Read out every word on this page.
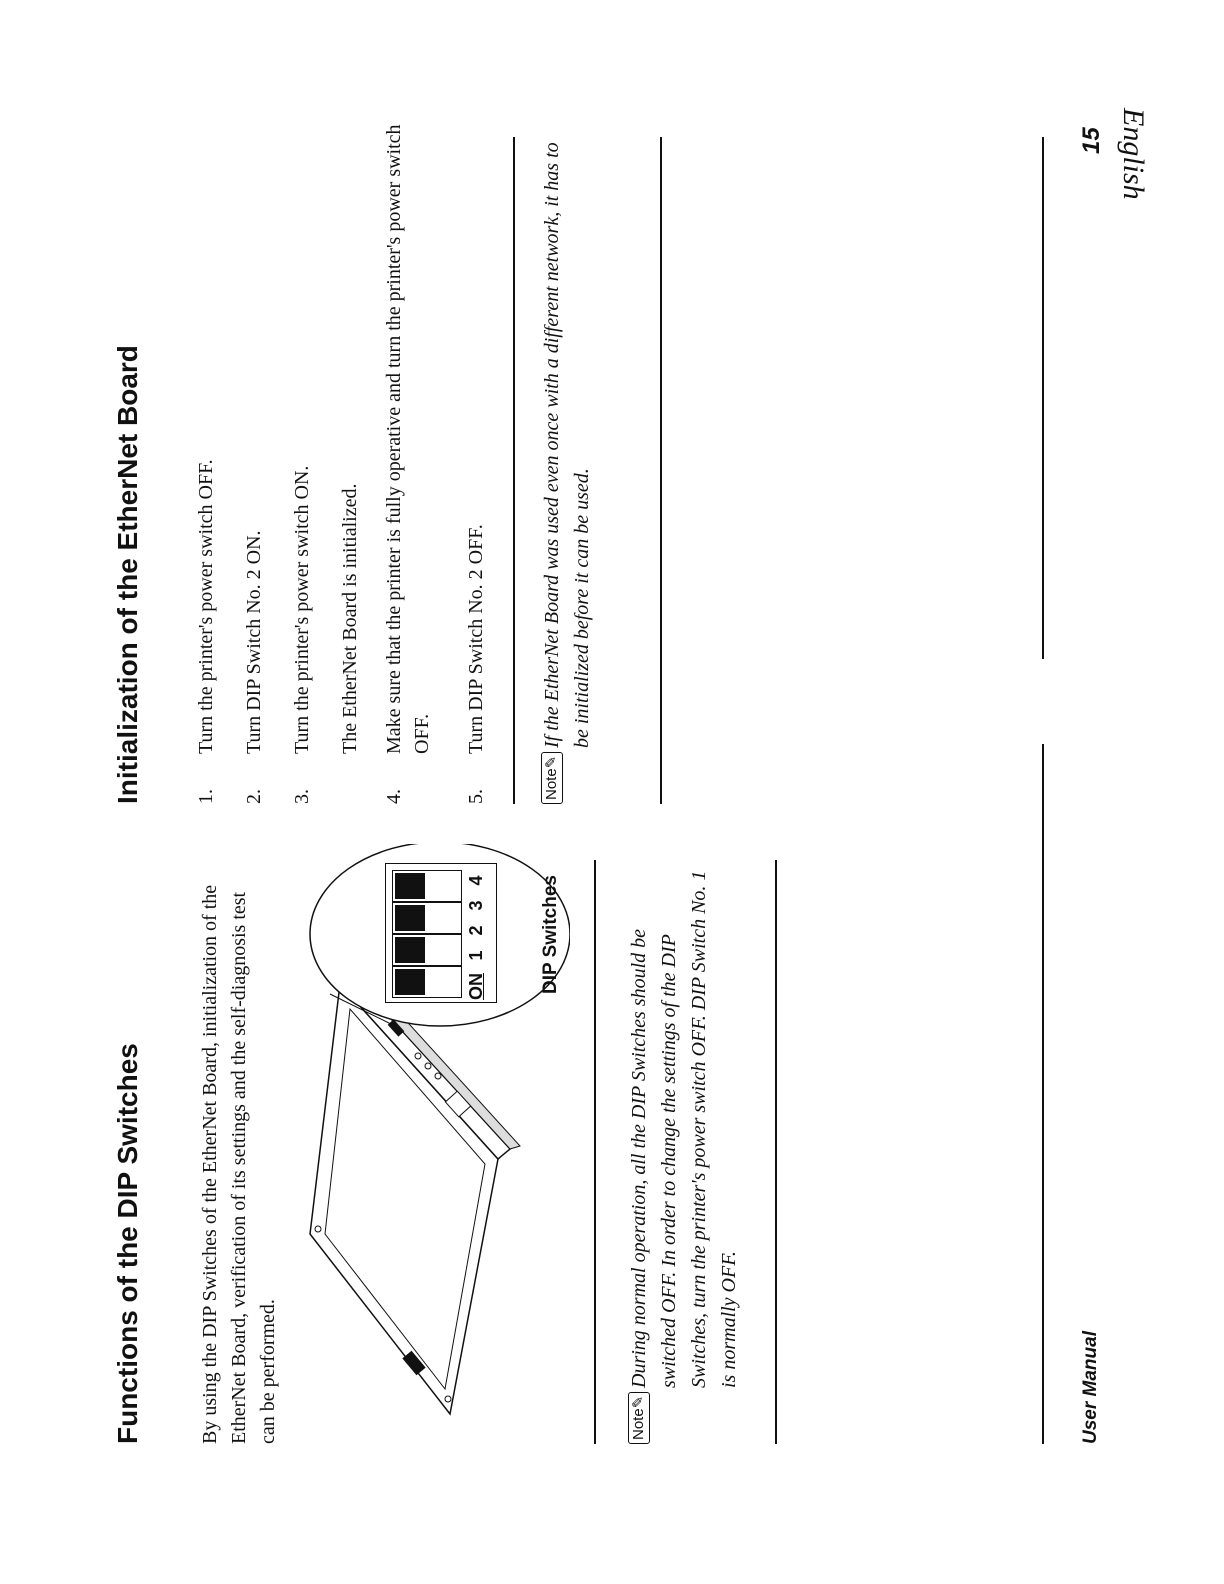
English
Functions of the DIP Switches	By using the DIP Switches of the EtherNet Board, initialization of the EtherNet Board, verification of its settings and the self-diagnosis test can be performed.
ON
1
2
3
4	DIP Switches
Note✎
During normal operation, all the DIP Switches should be switched OFF. In order to change the settings of the DIP Switches, turn the printer's power switch OFF. DIP Switch No. 1 is normally OFF.
Initialization of the EtherNet Board	1.
Turn the printer's power switch OFF.
2.
Turn DIP Switch No. 2 ON.
3.
Turn the printer's power switch ON. The EtherNet Board is initialized.
4.
Make sure that the printer is fully operative and turn the printer's power switch OFF.
5.
Turn DIP Switch No. 2 OFF.
Note✎
If the EtherNet Board was used even once with a different network, it has to be initialized before it can be used.
User Manual
15
